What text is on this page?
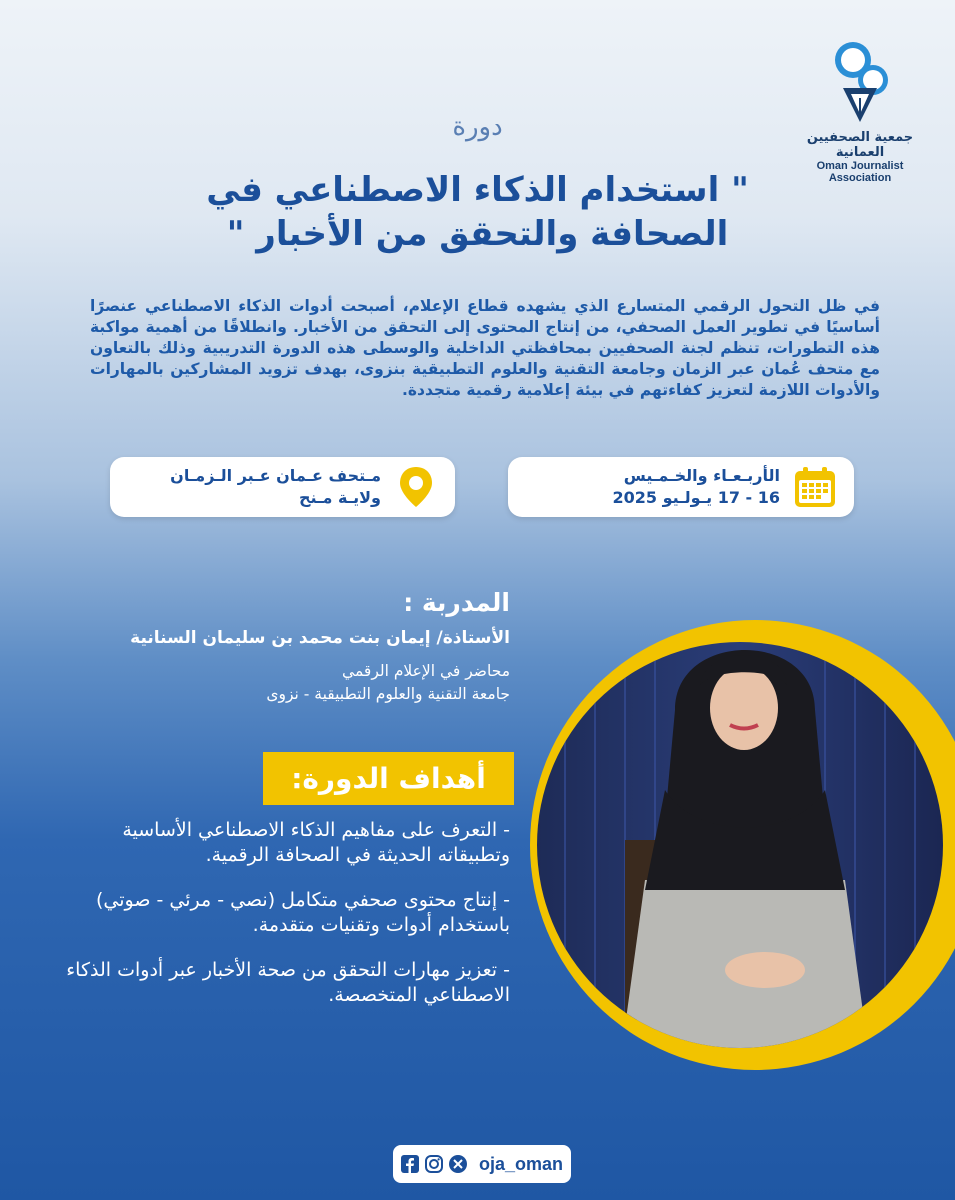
جمعية الصحفيين العمانية
Oman Journalist Association
دورة
" استخدام الذكاء الاصطناعي في
الصحافة والتحقق من الأخبار "
في ظل التحول الرقمي المتسارع الذي يشهده قطاع الإعلام، أصبحت أدوات الذكاء الاصطناعي عنصرًا أساسيًا في تطوير العمل الصحفي، من إنتاج المحتوى إلى التحقق من الأخبار. وانطلاقًا من أهمية مواكبة هذه التطورات، تنظم لجنة الصحفيين بمحافظتي الداخلية والوسطى هذه الدورة التدريبية وذلك بالتعاون مع متحف عُمان عبر الزمان وجامعة التقنية والعلوم التطبيقية بنزوى، بهدف تزويد المشاركين بالمهارات والأدوات اللازمة لتعزيز كفاءتهم في بيئة إعلامية رقمية متجددة.
الأربـعـاء والخـمـيس
16 - 17 يـولـيو 2025
مـتحف عـمان عـبر الـزمـان
ولايـة مـنح
المدربة :
الأستاذة/ إيمان بنت محمد بن سليمان السنانية
محاضر في الإعلام الرقمي
جامعة التقنية والعلوم التطبيقية - نزوى
أهداف الدورة:
- التعرف على مفاهيم الذكاء الاصطناعي الأساسية وتطبيقاته الحديثة في الصحافة الرقمية.
- إنتاج محتوى صحفي متكامل (نصي - مرئي - صوتي) باستخدام أدوات وتقنيات متقدمة.
- تعزيز مهارات التحقق من صحة الأخبار عبر أدوات الذكاء الاصطناعي المتخصصة.
oja_oman
